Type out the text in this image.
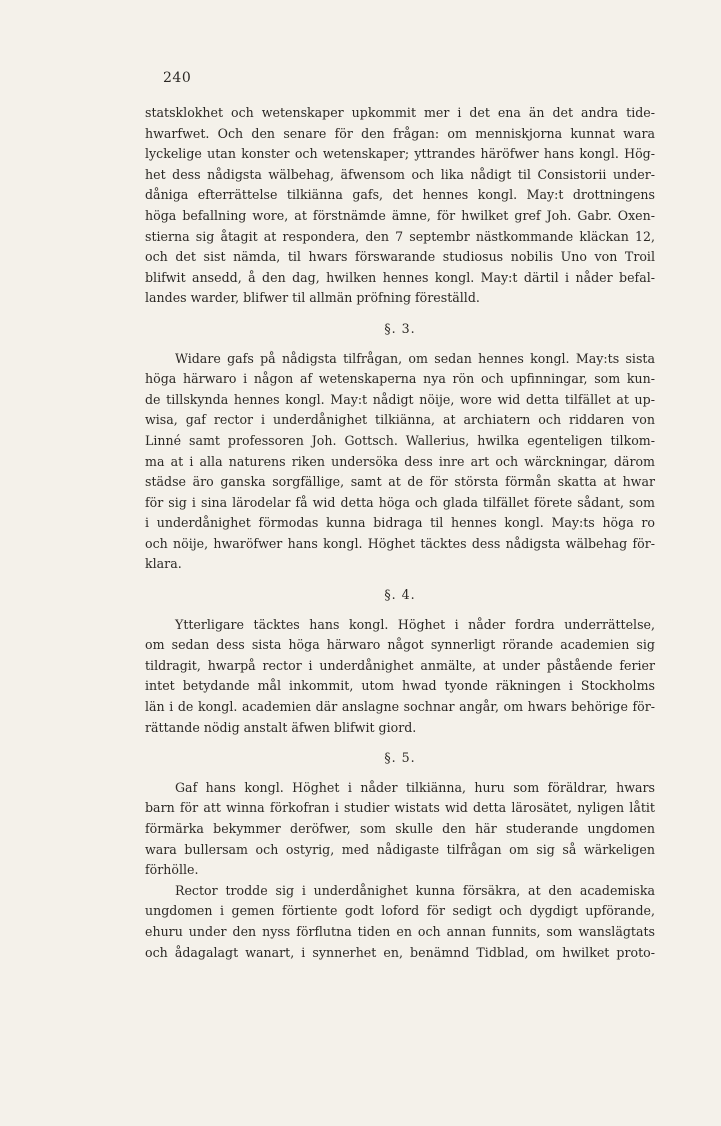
240
statsklokhet och wetenskaper upkommit mer i det ena än det andra tide-
hwarfwet. Och den senare för den frågan: om menniskjorna kunnat wara
lyckelige utan konster och wetenskaper; yttrandes häröfwer hans kongl. Hög-
het dess nådigsta wälbehag, äfwensom och lika nådigt til Consistorii under-
dåniga efterrättelse tilkiänna gafs, det hennes kongl. May:t drottningens
höga befallning wore, at förstnämde ämne, för hwilket gref Joh. Gabr. Oxen-
stierna sig åtagit at respondera, den 7 septembr nästkommande kläckan 12,
och det sist nämda, til hwars förswarande studiosus nobilis Uno von Troil
blifwit ansedd, å den dag, hwilken hennes kongl. May:t därtil i nåder befal-
landes warder, blifwer til allmän pröfning föreställd.
§. 3.
Widare gafs på nådigsta tilfrågan, om sedan hennes kongl. May:ts sista
höga härwaro i någon af wetenskaperna nya rön och upfinningar, som kun-
de tillskynda hennes kongl. May:t nådigt nöije, wore wid detta tilfället at up-
wisa, gaf rector i underdånighet tilkiänna, at archiatern och riddaren von
Linné samt professoren Joh. Gottsch. Wallerius, hwilka egenteligen tilkom-
ma at i alla naturens riken undersöka dess inre art och wärckningar, därom
städse äro ganska sorgfällige, samt at de för största förmån skatta at hwar
för sig i sina lärodelar få wid detta höga och glada tilfället förete sådant, som
i underdånighet förmodas kunna bidraga til hennes kongl. May:ts höga ro
och nöije, hwaröfwer hans kongl. Höghet täcktes dess nådigsta wälbehag för-
klara.
§. 4.
Ytterligare täcktes hans kongl. Höghet i nåder fordra underrättelse,
om sedan dess sista höga härwaro något synnerligt rörande academien sig
tildragit, hwarpå rector i underdånighet anmälte, at under påstående ferier
intet betydande mål inkommit, utom hwad tyonde räkningen i Stockholms
län i de kongl. academien där anslagne sochnar angår, om hwars behörige för-
rättande nödig anstalt äfwen blifwit giord.
§. 5.
Gaf hans kongl. Höghet i nåder tilkiänna, huru som föräldrar, hwars
barn för att winna förkofran i studier wistats wid detta lärosätet, nyligen låtit
förmärka bekymmer deröfwer, som skulle den här studerande ungdomen
wara bullersam och ostyrig, med nådigaste tilfrågan om sig så wärkeligen
förhölle.
Rector trodde sig i underdånighet kunna försäkra, at den academiska
ungdomen i gemen förtiente godt loford för sedigt och dygdigt upförande,
ehuru under den nyss förflutna tiden en och annan funnits, som wanslägtats
och ådagalagt wanart, i synnerhet en, benämnd Tidblad, om hwilket proto-
